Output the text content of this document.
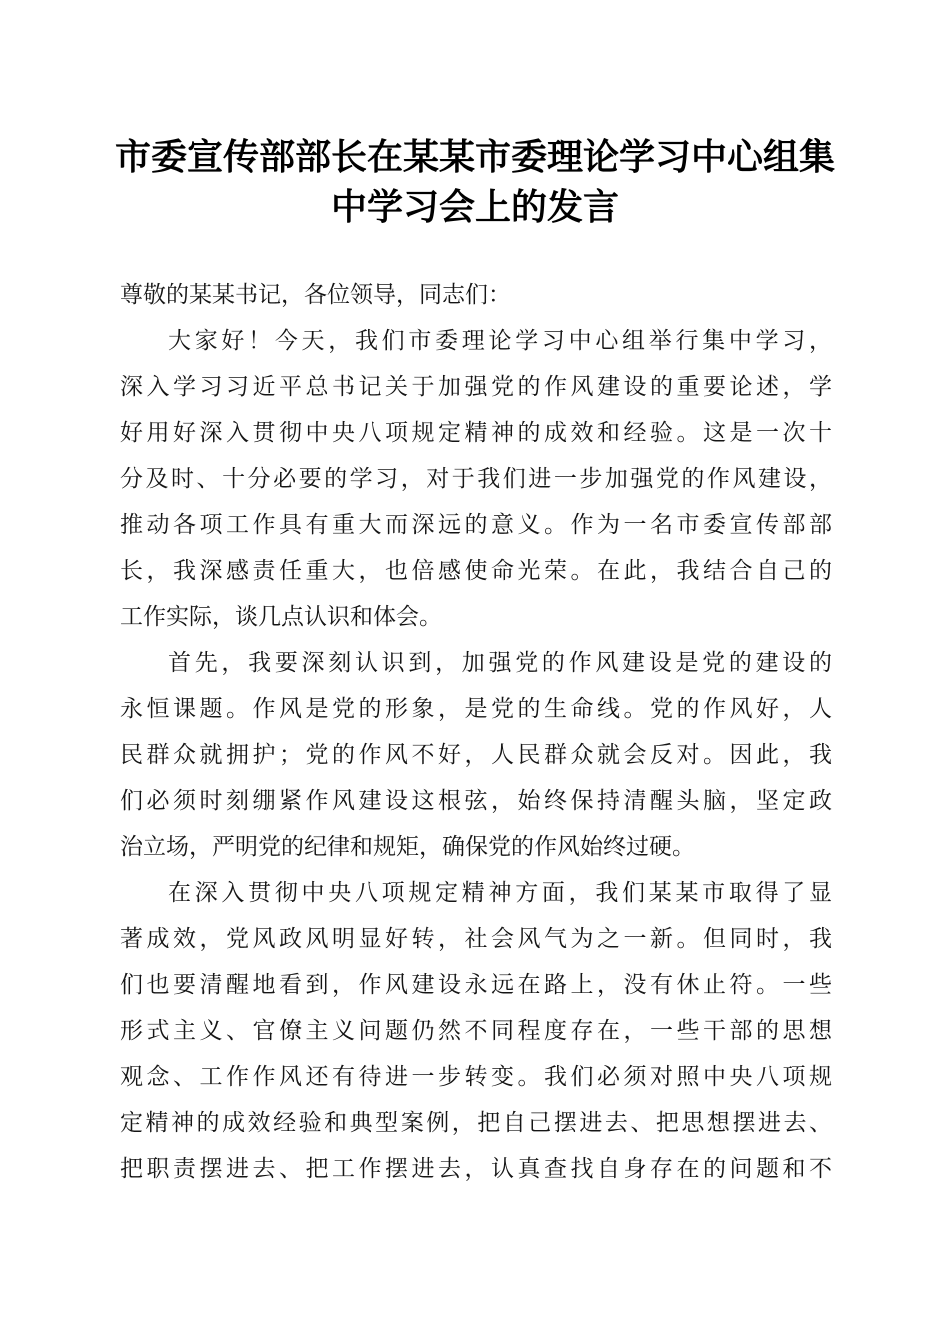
市委宣传部部长在某某市委理论学习中心组集
中学习会上的发言
尊敬的某某书记，各位领导，同志们：
大家好！今天，我们市委理论学习中心组举行集中学习，
深入学习习近平总书记关于加强党的作风建设的重要论述，学
好用好深入贯彻中央八项规定精神的成效和经验。这是一次十
分及时、十分必要的学习，对于我们进一步加强党的作风建设，
推动各项工作具有重大而深远的意义。作为一名市委宣传部部
长，我深感责任重大，也倍感使命光荣。在此，我结合自己的
工作实际，谈几点认识和体会。
首先，我要深刻认识到，加强党的作风建设是党的建设的
永恒课题。作风是党的形象，是党的生命线。党的作风好，人
民群众就拥护；党的作风不好，人民群众就会反对。因此，我
们必须时刻绷紧作风建设这根弦，始终保持清醒头脑，坚定政
治立场，严明党的纪律和规矩，确保党的作风始终过硬。
在深入贯彻中央八项规定精神方面，我们某某市取得了显
著成效，党风政风明显好转，社会风气为之一新。但同时，我
们也要清醒地看到，作风建设永远在路上，没有休止符。一些
形式主义、官僚主义问题仍然不同程度存在，一些干部的思想
观念、工作作风还有待进一步转变。我们必须对照中央八项规
定精神的成效经验和典型案例，把自己摆进去、把思想摆进去、
把职责摆进去、把工作摆进去，认真查找自身存在的问题和不
